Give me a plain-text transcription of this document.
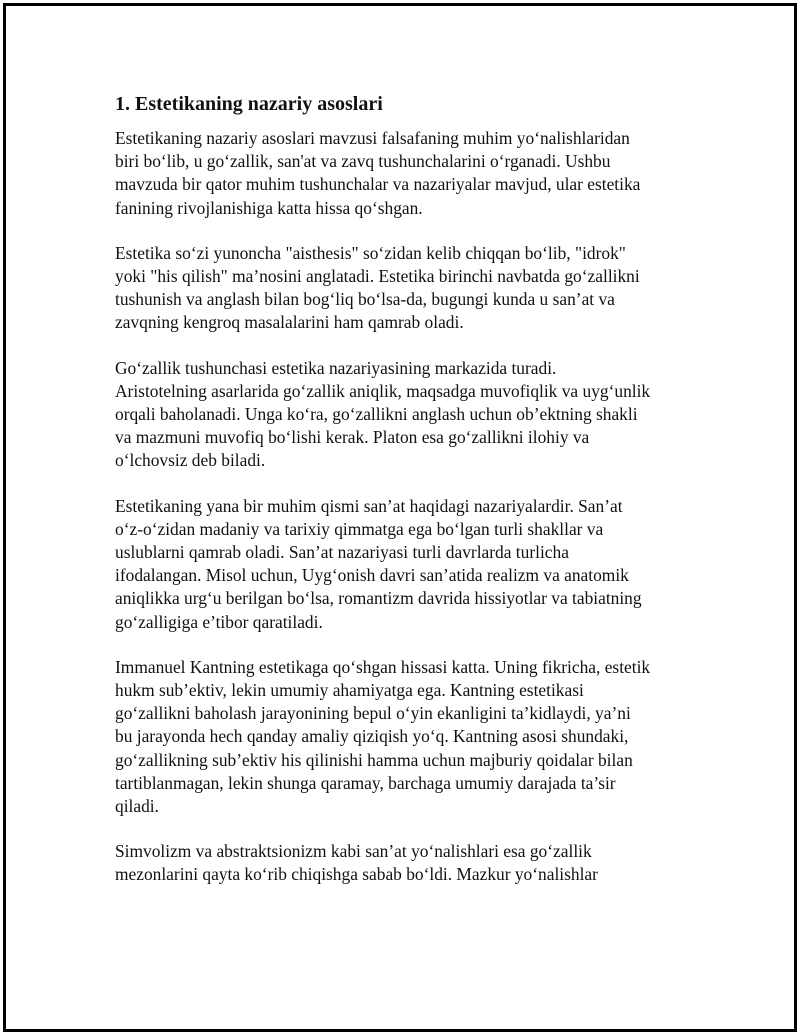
1. Estetikaning nazariy asoslari

Estetikaning nazariy asoslari mavzusi falsafaning muhim yo‘nalishlaridan
biri bo‘lib, u go‘zallik, san'at va zavq tushunchalarini o‘rganadi. Ushbu
mavzuda bir qator muhim tushunchalar va nazariyalar mavjud, ular estetika
fanining rivojlanishiga katta hissa qo‘shgan.

Estetika so‘zi yunoncha "aisthesis" so‘zidan kelib chiqqan bo‘lib, "idrok"
yoki "his qilish" ma’nosini anglatadi. Estetika birinchi navbatda go‘zallikni
tushunish va anglash bilan bog‘liq bo‘lsa-da, bugungi kunda u san’at va
zavqning kengroq masalalarini ham qamrab oladi.

Go‘zallik tushunchasi estetika nazariyasining markazida turadi.
Aristotelning asarlarida go‘zallik aniqlik, maqsadga muvofiqlik va uyg‘unlik
orqali baholanadi. Unga ko‘ra, go‘zallikni anglash uchun ob’ektning shakli
va mazmuni muvofiq bo‘lishi kerak. Platon esa go‘zallikni ilohiy va
o‘lchovsiz deb biladi.

Estetikaning yana bir muhim qismi san’at haqidagi nazariyalardir. San’at
o‘z-o‘zidan madaniy va tarixiy qimmatga ega bo‘lgan turli shakllar va
uslublarni qamrab oladi. San’at nazariyasi turli davrlarda turlicha
ifodalangan. Misol uchun, Uyg‘onish davri san’atida realizm va anatomik
aniqlikka urg‘u berilgan bo‘lsa, romantizm davrida hissiyotlar va tabiatning
go‘zalligiga e’tibor qaratiladi.

Immanuel Kantning estetikaga qo‘shgan hissasi katta. Uning fikricha, estetik
hukm sub’ektiv, lekin umumiy ahamiyatga ega. Kantning estetikasi
go‘zallikni baholash jarayonining bepul o‘yin ekanligini ta’kidlaydi, ya’ni
bu jarayonda hech qanday amaliy qiziqish yo‘q. Kantning asosi shundaki,
go‘zallikning sub’ektiv his qilinishi hamma uchun majburiy qoidalar bilan
tartiblanmagan, lekin shunga qaramay, barchaga umumiy darajada ta’sir
qiladi.

Simvolizm va abstraktsionizm kabi san’at yo‘nalishlari esa go‘zallik
mezonlarini qayta ko‘rib chiqishga sabab bo‘ldi. Mazkur yo‘nalishlar
